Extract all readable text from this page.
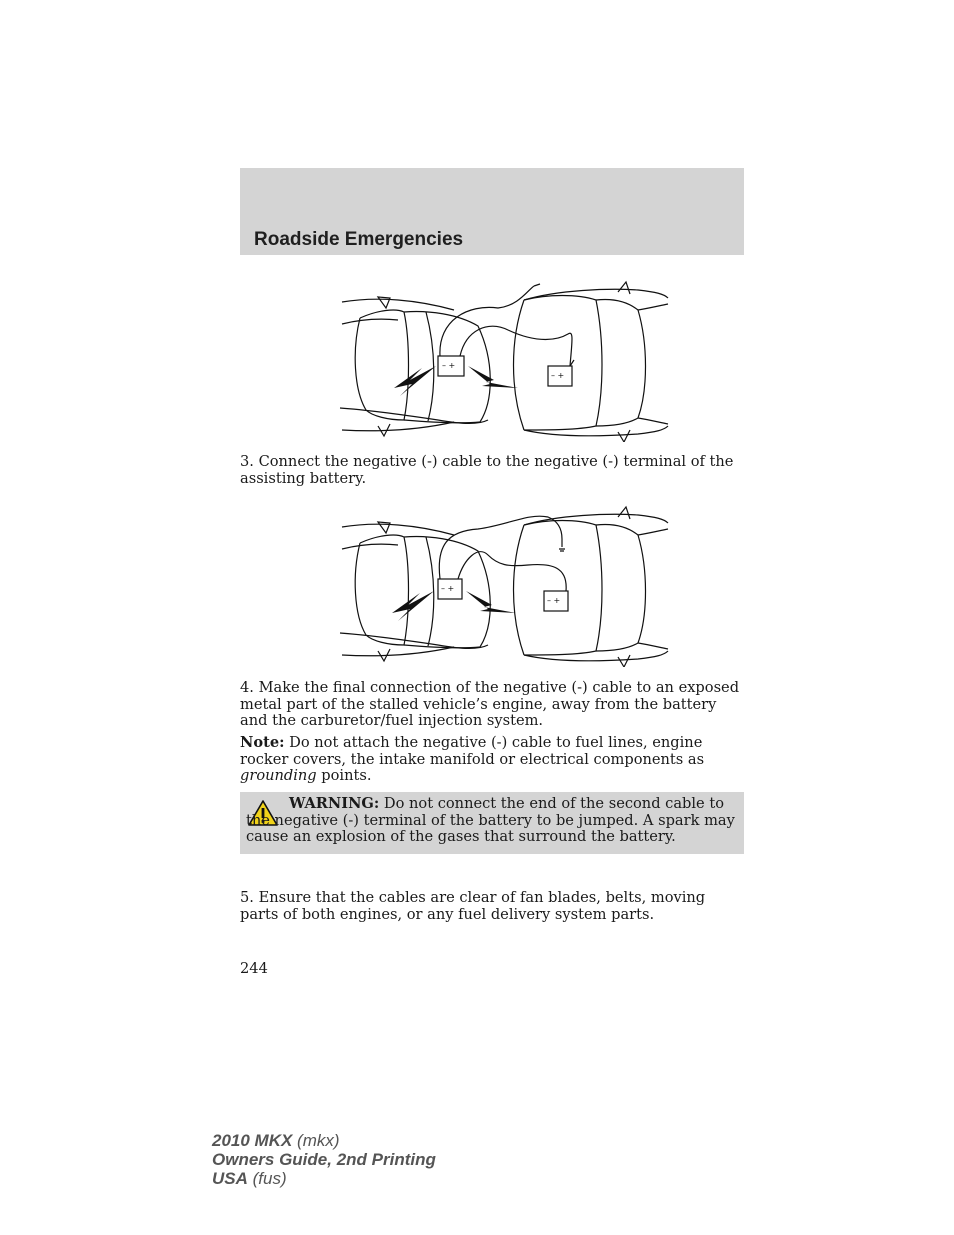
Roadside Emergencies
– +
– +

3. Connect the negative (-) cable to the negative (-) terminal of the assisting battery.

– +
– +

4. Make the final connection of the negative (-) cable to an exposed metal part of the stalled vehicle’s engine, away from the battery and the carburetor/fuel injection system.

Note: Do not attach the negative (-) cable to fuel lines, engine rocker covers, the intake manifold or electrical components as grounding points.

WARNING: Do not connect the end of the second cable to the negative (-) terminal of the battery to be jumped. A spark may cause an explosion of the gases that surround the battery.

5. Ensure that the cables are clear of fan blades, belts, moving parts of both engines, or any fuel delivery system parts.

244
2010 MKX (mkx)
Owners Guide, 2nd Printing
USA (fus)
